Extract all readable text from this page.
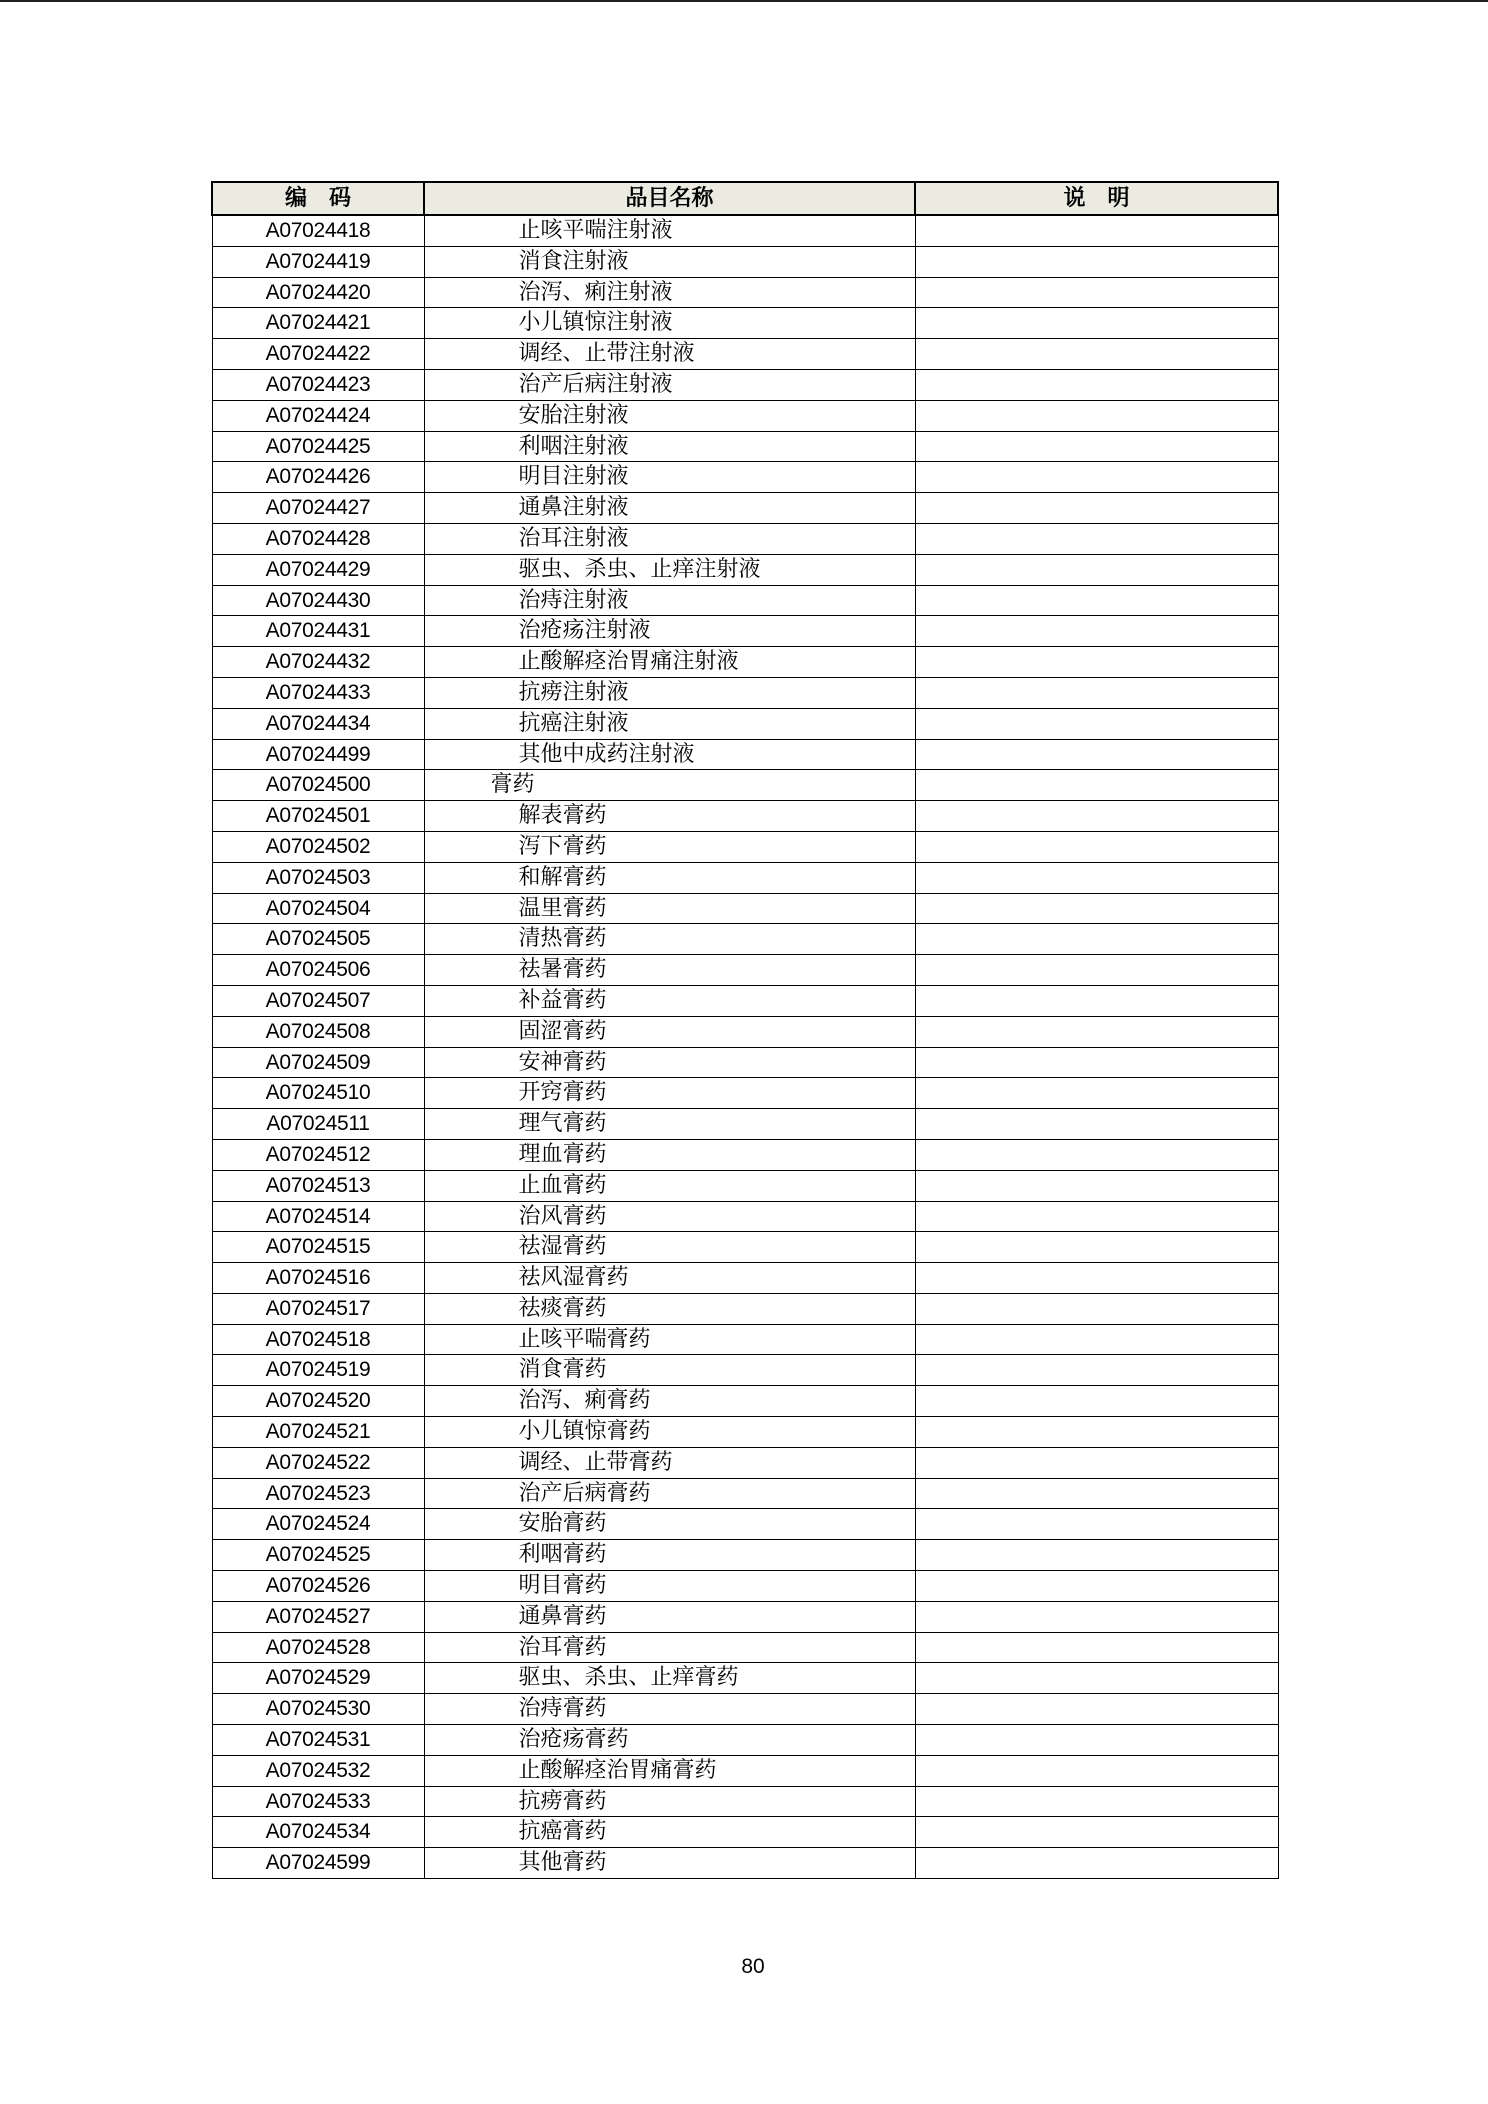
编　码	品目名称	说　明
A07024418	止咳平喘注射液	
A07024419	消食注射液	
A07024420	治泻、痢注射液	
A07024421	小儿镇惊注射液	
A07024422	调经、止带注射液	
A07024423	治产后病注射液	
A07024424	安胎注射液	
A07024425	利咽注射液	
A07024426	明目注射液	
A07024427	通鼻注射液	
A07024428	治耳注射液	
A07024429	驱虫、杀虫、止痒注射液	
A07024430	治痔注射液	
A07024431	治疮疡注射液	
A07024432	止酸解痉治胃痛注射液	
A07024433	抗痨注射液	
A07024434	抗癌注射液	
A07024499	其他中成药注射液	
A07024500	膏药	
A07024501	解表膏药	
A07024502	泻下膏药	
A07024503	和解膏药	
A07024504	温里膏药	
A07024505	清热膏药	
A07024506	祛暑膏药	
A07024507	补益膏药	
A07024508	固涩膏药	
A07024509	安神膏药	
A07024510	开窍膏药	
A07024511	理气膏药	
A07024512	理血膏药	
A07024513	止血膏药	
A07024514	治风膏药	
A07024515	祛湿膏药	
A07024516	祛风湿膏药	
A07024517	祛痰膏药	
A07024518	止咳平喘膏药	
A07024519	消食膏药	
A07024520	治泻、痢膏药	
A07024521	小儿镇惊膏药	
A07024522	调经、止带膏药	
A07024523	治产后病膏药	
A07024524	安胎膏药	
A07024525	利咽膏药	
A07024526	明目膏药	
A07024527	通鼻膏药	
A07024528	治耳膏药	
A07024529	驱虫、杀虫、止痒膏药	
A07024530	治痔膏药	
A07024531	治疮疡膏药	
A07024532	止酸解痉治胃痛膏药	
A07024533	抗痨膏药	
A07024534	抗癌膏药	
A07024599	其他膏药	
80
